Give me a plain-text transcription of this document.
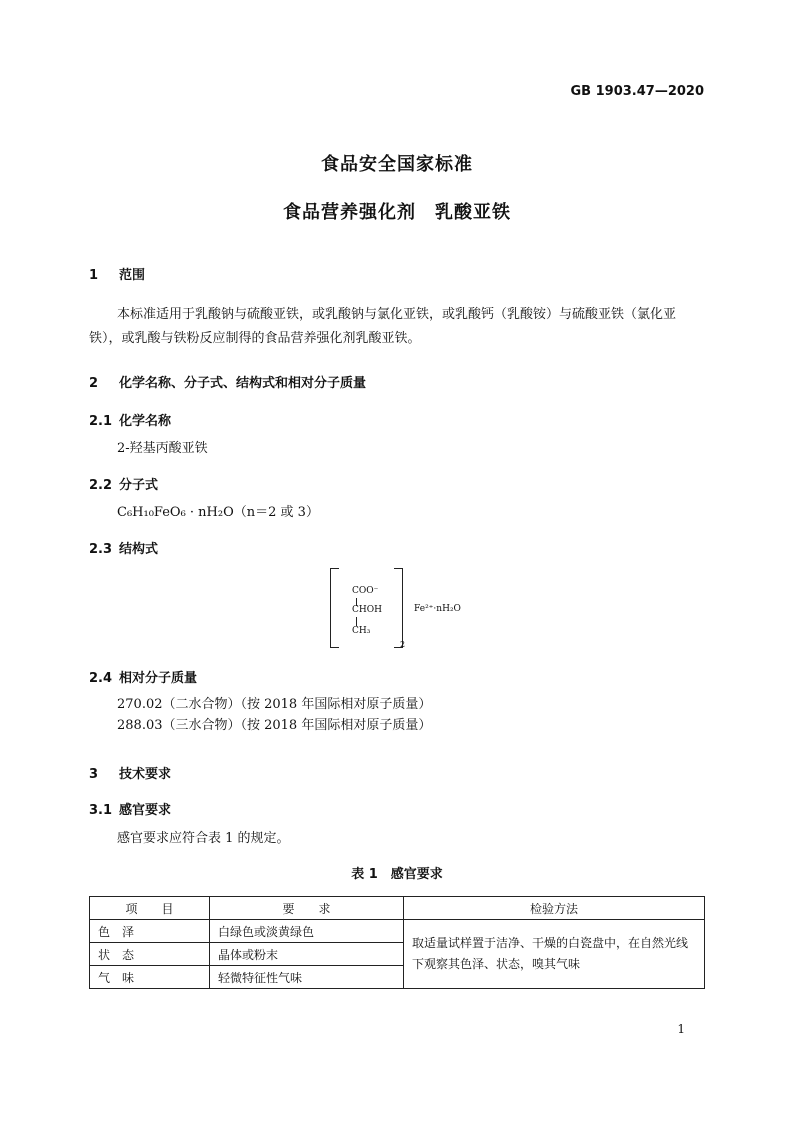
GB 1903.47—2020
食品安全国家标准
食品营养强化剂　乳酸亚铁
1 范围
本标准适用于乳酸钠与硫酸亚铁，或乳酸钠与氯化亚铁，或乳酸钙（乳酸铵）与硫酸亚铁（氯化亚
铁），或乳酸与铁粉反应制得的食品营养强化剂乳酸亚铁。
2 化学名称、分子式、结构式和相对分子质量
2.1 化学名称
2-羟基丙酸亚铁
2.2 分子式
C₆H₁₀FeO₆ · nH₂O（n＝2 或 3）
2.3 结构式
COO⁻
CHOH
CH₃
2
Fe²⁺·nH₂O
2.4 相对分子质量
270.02（二水合物）（按 2018 年国际相对原子质量）
288.03（三水合物）（按 2018 年国际相对原子质量）
3 技术要求
3.1 感官要求
感官要求应符合表 1 的规定。
表 1　感官要求
项　　目	要　　求	检验方法
色　泽	白绿色或淡黄绿色	取适量试样置于洁净、干燥的白瓷盘中，在自然光线下观察其色泽、状态，嗅其气味
状　态	晶体或粉末	
气　味	轻微特征性气味	
1
